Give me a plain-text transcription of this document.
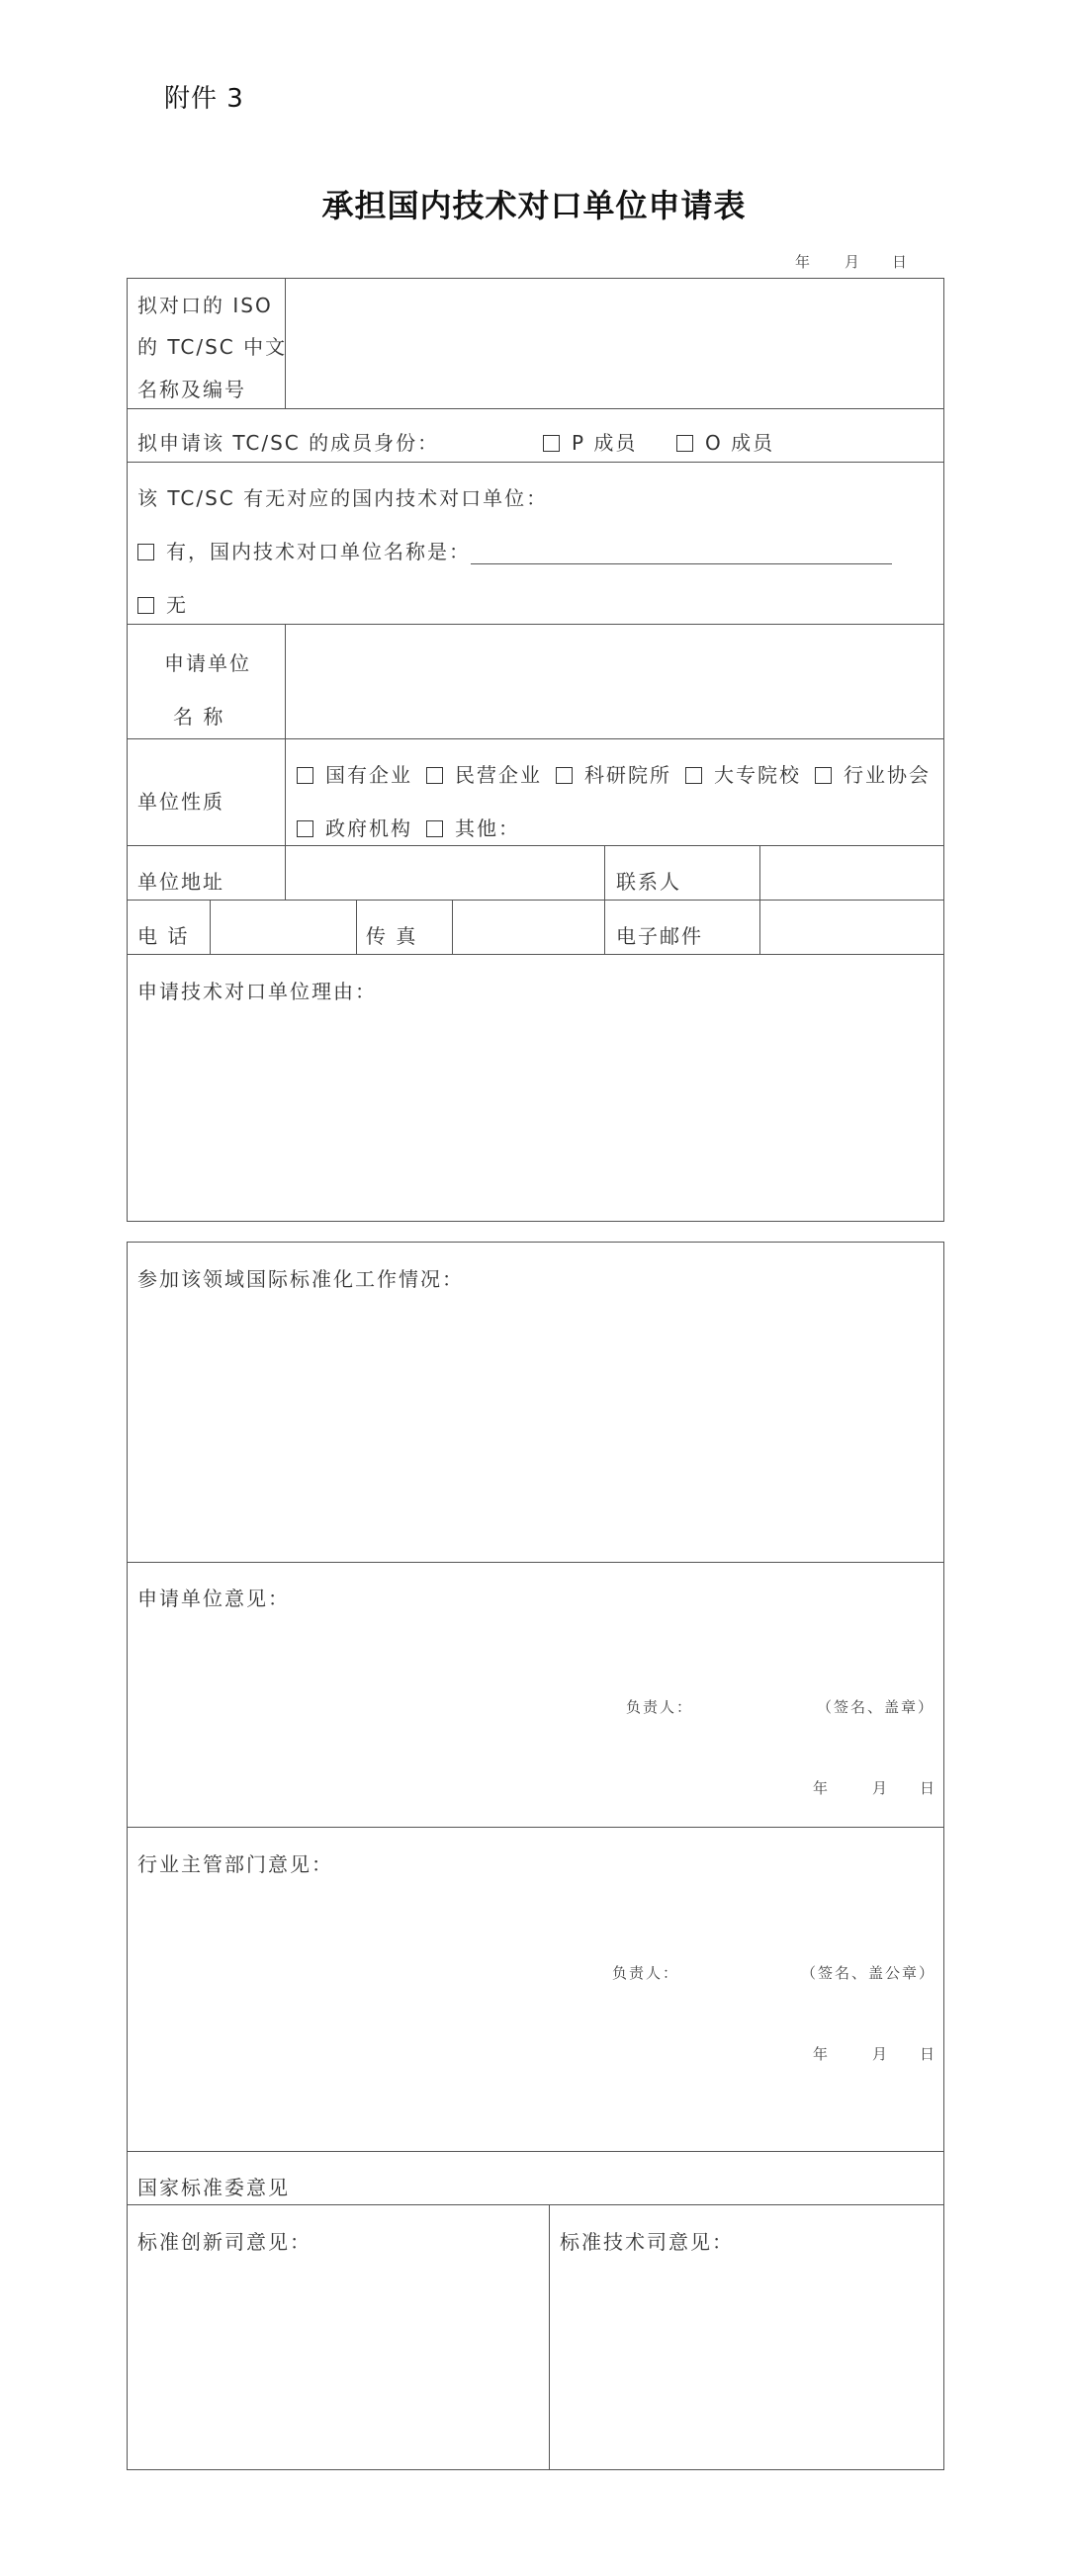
附件 3
承担国内技术对口单位申请表
年 月 日
拟对口的 ISO
的 TC/SC 中文
名称及编号
拟申请该 TC/SC 的成员身份：	P 成员	O 成员
该 TC/SC 有无对应的国内技术对口单位：
有，国内技术对口单位名称是：
无
申请单位
名 称
单位性质
国有企业	民营企业	科研院所	大专院校	行业协会
政府机构	其他：
单位地址	联系人
电 话	传 真	电子邮件
申请技术对口单位理由：
参加该领域国际标准化工作情况：
申请单位意见：
负责人：	（签名、盖章）
年	月 日
行业主管部门意见：
负责人：	（签名、盖公章）
年	月 日
国家标准委意见
标准创新司意见：	标准技术司意见：
